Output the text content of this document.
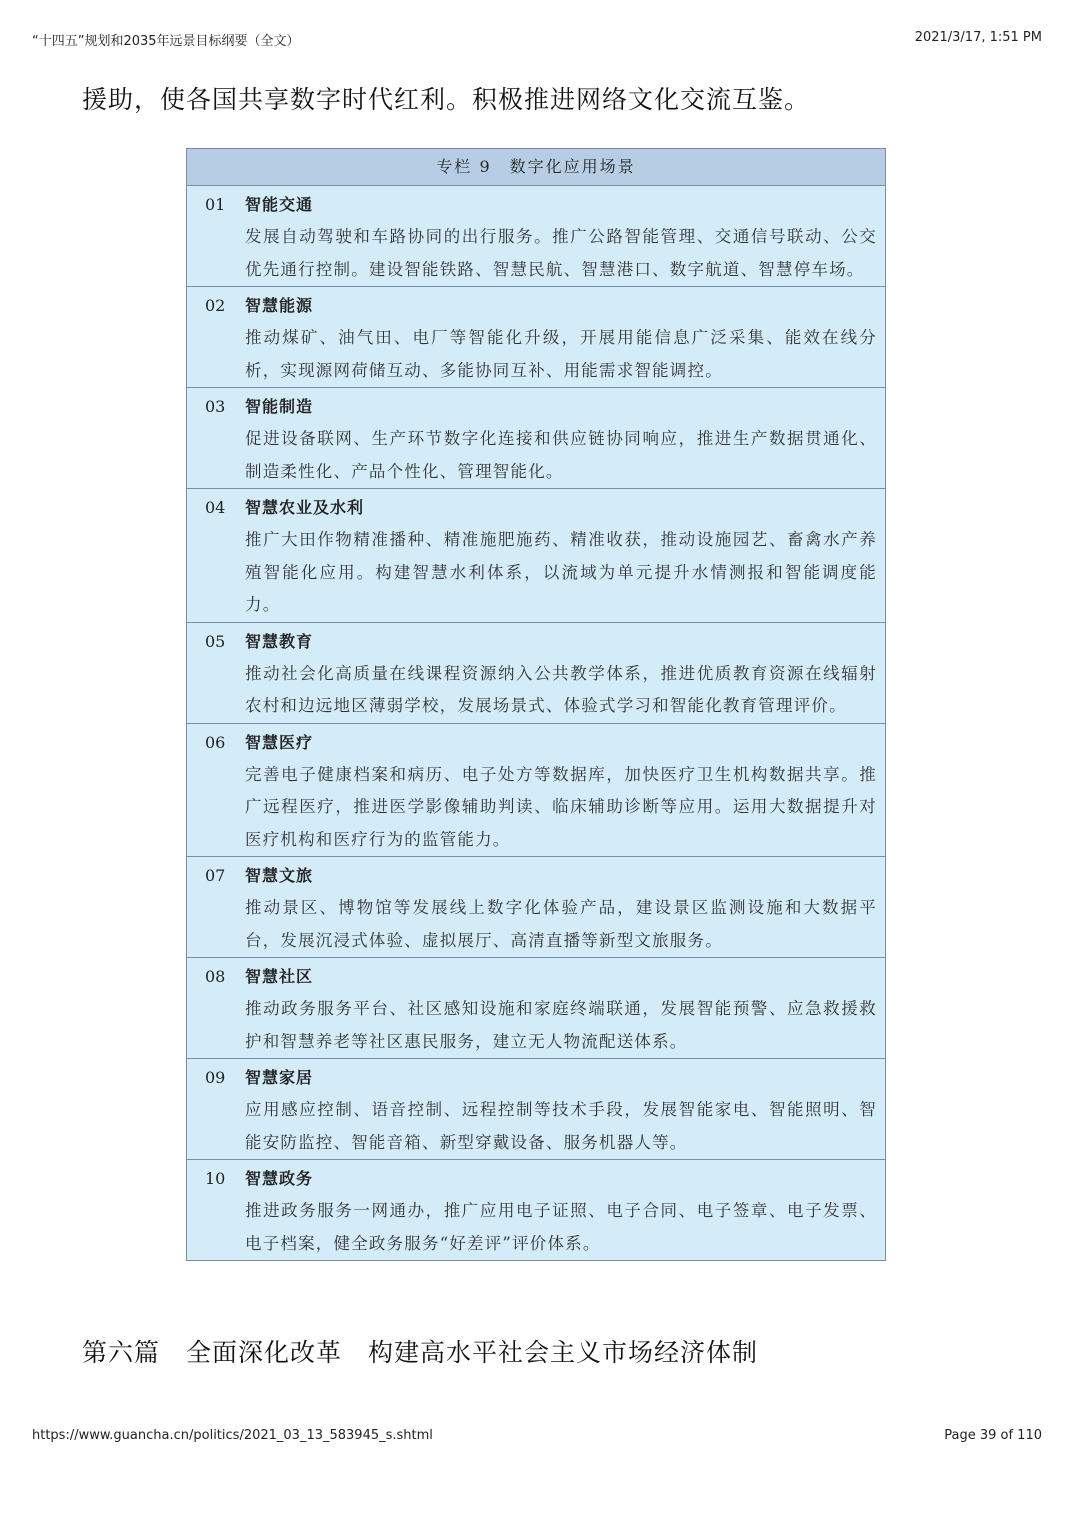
“十四五”规划和2035年远景目标纲要（全文）	2021/3/17, 1:51 PM
援助，使各国共享数字时代红利。积极推进网络文化交流互鉴。
专栏 9　数字化应用场景
01	智能交通
发展自动驾驶和车路协同的出行服务。推广公路智能管理、交通信号联动、公交优先通行控制。建设智能铁路、智慧民航、智慧港口、数字航道、智慧停车场。
02	智慧能源
推动煤矿、油气田、电厂等智能化升级，开展用能信息广泛采集、能效在线分析，实现源网荷储互动、多能协同互补、用能需求智能调控。
03	智能制造
促进设备联网、生产环节数字化连接和供应链协同响应，推进生产数据贯通化、制造柔性化、产品个性化、管理智能化。
04	智慧农业及水利
推广大田作物精准播种、精准施肥施药、精准收获，推动设施园艺、畜禽水产养殖智能化应用。构建智慧水利体系，以流域为单元提升水情测报和智能调度能力。
05	智慧教育
推动社会化高质量在线课程资源纳入公共教学体系，推进优质教育资源在线辐射农村和边远地区薄弱学校，发展场景式、体验式学习和智能化教育管理评价。
06	智慧医疗
完善电子健康档案和病历、电子处方等数据库，加快医疗卫生机构数据共享。推广远程医疗，推进医学影像辅助判读、临床辅助诊断等应用。运用大数据提升对医疗机构和医疗行为的监管能力。
07	智慧文旅
推动景区、博物馆等发展线上数字化体验产品，建设景区监测设施和大数据平台，发展沉浸式体验、虚拟展厅、高清直播等新型文旅服务。
08	智慧社区
推动政务服务平台、社区感知设施和家庭终端联通，发展智能预警、应急救援救护和智慧养老等社区惠民服务，建立无人物流配送体系。
09	智慧家居
应用感应控制、语音控制、远程控制等技术手段，发展智能家电、智能照明、智能安防监控、智能音箱、新型穿戴设备、服务机器人等。
10	智慧政务
推进政务服务一网通办，推广应用电子证照、电子合同、电子签章、电子发票、电子档案，健全政务服务“好差评”评价体系。
第六篇　全面深化改革　构建高水平社会主义市场经济体制
https://www.guancha.cn/politics/2021_03_13_583945_s.shtml	Page 39 of 110
